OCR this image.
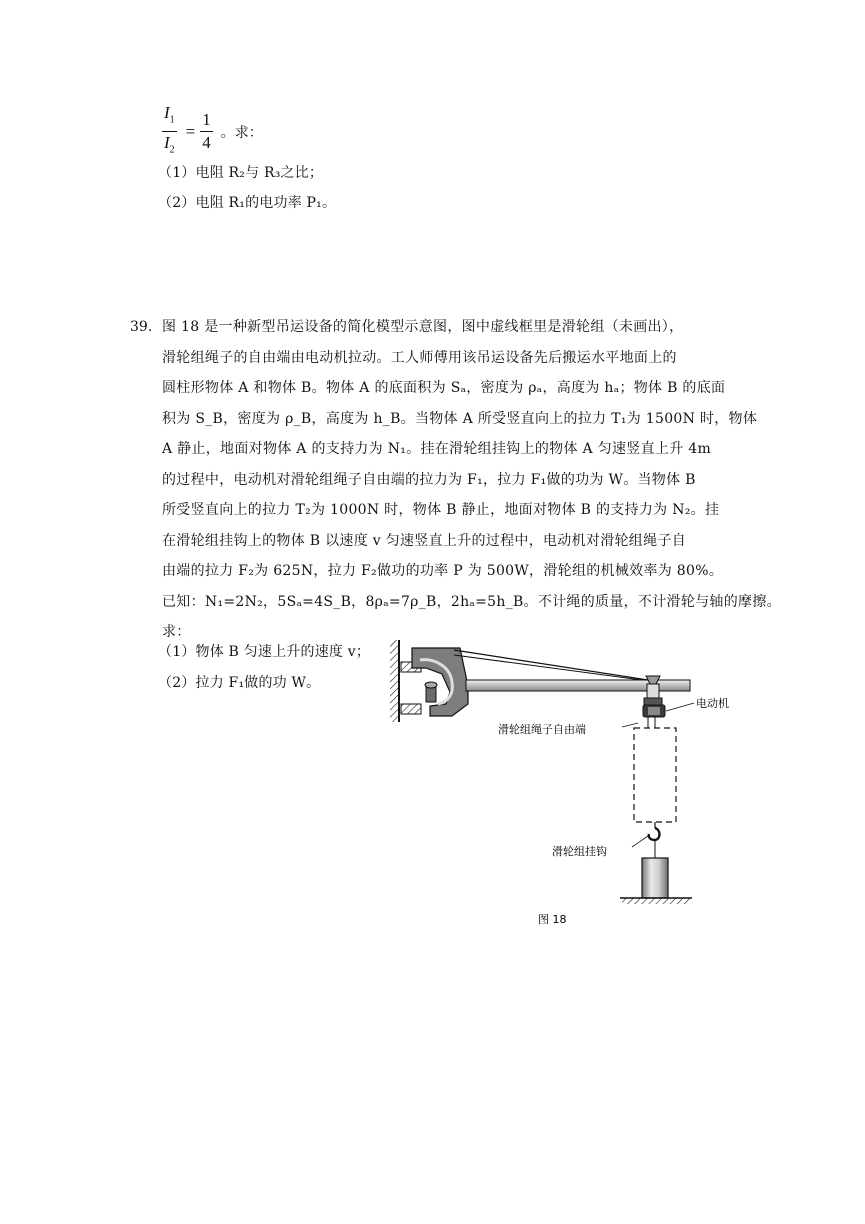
$\frac{I_1}{I_2} = \frac{1}{4}$ 。求：
（1）电阻 R₂与 R₃之比；
（2）电阻 R₁的电功率 P₁。
39. 图 18 是一种新型吊运设备的简化模型示意图，图中虚线框里是滑轮组（未画出），
滑轮组绳子的自由端由电动机拉动。工人师傅用该吊运设备先后搬运水平地面上的
圆柱形物体 A 和物体 B。物体 A 的底面积为 Sₐ，密度为 ρₐ，高度为 hₐ；物体 B 的底面
积为 S_B，密度为 ρ_B，高度为 h_B。当物体 A 所受竖直向上的拉力 T₁为 1500N 时，物体
A 静止，地面对物体 A 的支持力为 N₁。挂在滑轮组挂钩上的物体 A 匀速竖直上升 4m
的过程中，电动机对滑轮组绳子自由端的拉力为 F₁，拉力 F₁做的功为 W。当物体 B
所受竖直向上的拉力 T₂为 1000N 时，物体 B 静止，地面对物体 B 的支持力为 N₂。挂
在滑轮组挂钩上的物体 B 以速度 v 匀速竖直上升的过程中，电动机对滑轮组绳子自
由端的拉力 F₂为 625N，拉力 F₂做功的功率 P 为 500W，滑轮组的机械效率为 80%。
已知：N₁=2N₂，5Sₐ=4S_B，8ρₐ=7ρ_B，2hₐ=5h_B。不计绳的质量，不计滑轮与轴的摩擦。
求：
（1）物体 B 匀速上升的速度 v；
（2）拉力 F₁做的功 W。
电动机
滑轮组绳子自由端
滑轮组挂钩
图 18
